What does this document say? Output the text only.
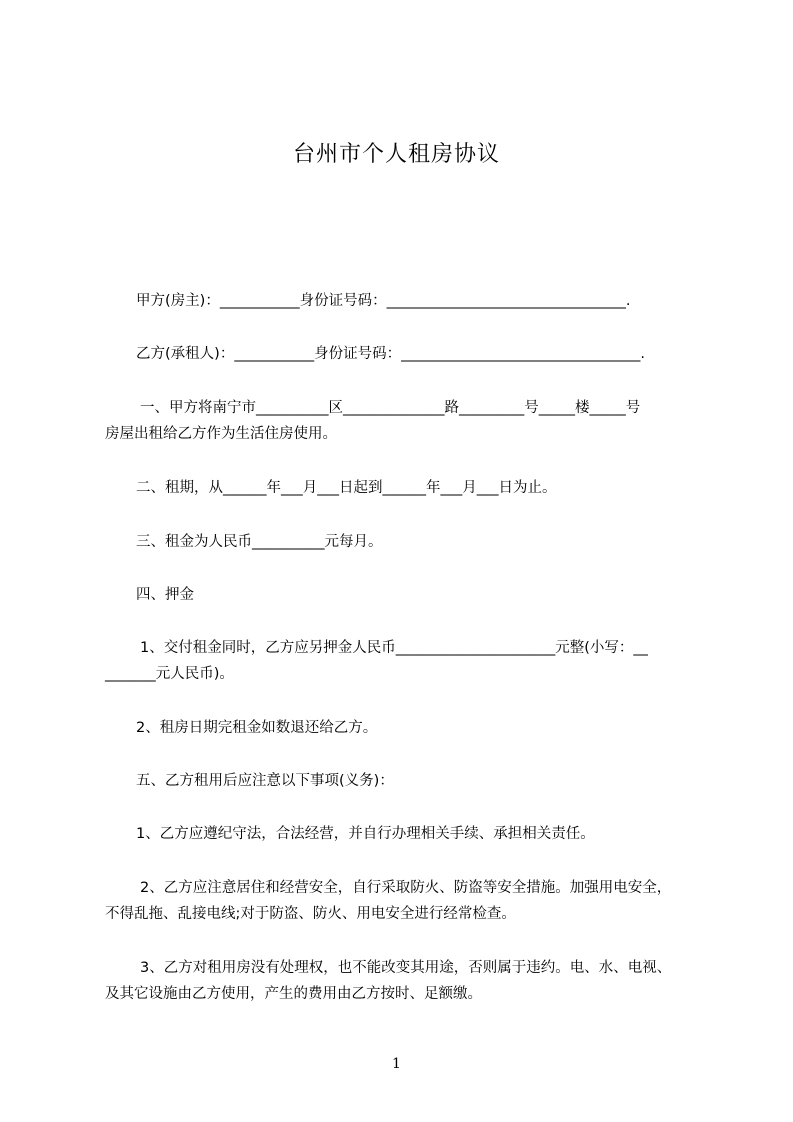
台州市个人租房协议
甲方(房主)：___________身份证号码：_________________________________.
乙方(承租人)：___________身份证号码：_________________________________.
一、甲方将南宁市__________区______________路_________号_____楼_____号
房屋出租给乙方作为生活住房使用。
二、租期，从______年___月___日起到______年___月___日为止。
三、租金为人民币__________元每月。
四、押金
1、交付租金同时，乙方应另押金人民币______________________元整(小写：__
_______元人民币)。
2、租房日期完租金如数退还给乙方。
五、乙方租用后应注意以下事项(义务)：
1、乙方应遵纪守法，合法经营，并自行办理相关手续、承担相关责任。
2、乙方应注意居住和经营安全，自行采取防火、防盗等安全措施。加强用电安全，
不得乱拖、乱接电线;对于防盗、防火、用电安全进行经常检查。
3、乙方对租用房没有处理权，也不能改变其用途，否则属于违约。电、水、电视、
及其它设施由乙方使用，产生的费用由乙方按时、足额缴。
1
